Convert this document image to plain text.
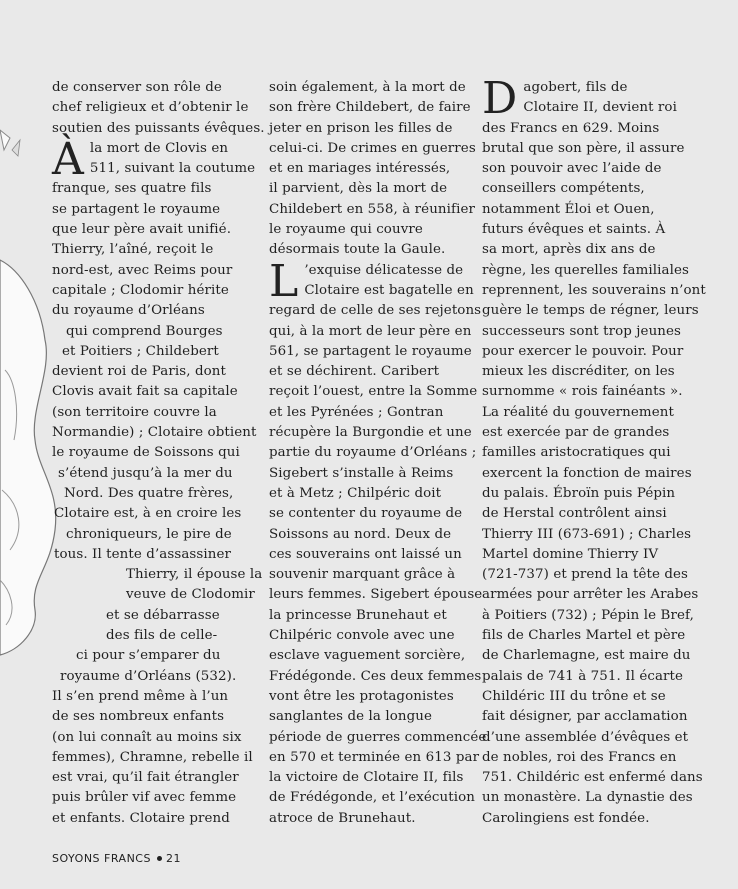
de conserver son rôle de
chef religieux et d’obtenir le
soutien des puissants évêques.

À la mort de Clovis en
511, suivant la coutume
franque, ses quatre fils
se partagent le royaume
que leur père avait unifié.
Thierry, l’aîné, reçoit le
nord-est, avec Reims pour
capitale ; Clodomir hérite
du royaume d’Orléans
qui comprend Bourges
et Poitiers ; Childebert
devient roi de Paris, dont
Clovis avait fait sa capitale
(son territoire couvre la
Normandie) ; Clotaire obtient
le royaume de Soissons qui
s’étend jusqu’à la mer du
Nord. Des quatre frères,
Clotaire est, à en croire les
chroniqueurs, le pire de
tous. Il tente d’assassiner
Thierry, il épouse la
veuve de Clodomir
et se débarrasse
des fils de celle-
ci pour s’emparer du
royaume d’Orléans (532).
Il s’en prend même à l’un
de ses nombreux enfants
(on lui connaît au moins six
femmes), Chramne, rebelle il
est vrai, qu’il fait étrangler
puis brûler vif avec femme
et enfants. Clotaire prend

soin également, à la mort de
son frère Childebert, de faire
jeter en prison les filles de
celui-ci. De crimes en guerres
et en mariages intéressés,
il parvient, dès la mort de
Childebert en 558, à réunifier
le royaume qui couvre
désormais toute la Gaule.

L ’exquise délicatesse de
Clotaire est bagatelle en
regard de celle de ses rejetons
qui, à la mort de leur père en
561, se partagent le royaume
et se déchirent. Caribert
reçoit l’ouest, entre la Somme
et les Pyrénées ; Gontran
récupère la Burgondie et une
partie du royaume d’Orléans ;
Sigebert s’installe à Reims
et à Metz ; Chilpéric doit
se contenter du royaume de
Soissons au nord. Deux de
ces souverains ont laissé un
souvenir marquant grâce à
leurs femmes. Sigebert épouse
la princesse Brunehaut et
Chilpéric convole avec une
esclave vaguement sorcière,
Frédégonde. Ces deux femmes
vont être les protagonistes
sanglantes de la longue
période de guerres commencée
en 570 et terminée en 613 par
la victoire de Clotaire II, fils
de Frédégonde, et l’exécution
atroce de Brunehaut.

D agobert, fils de
Clotaire II, devient roi
des Francs en 629. Moins
brutal que son père, il assure
son pouvoir avec l’aide de
conseillers compétents,
notamment Éloi et Ouen,
futurs évêques et saints. À
sa mort, après dix ans de
règne, les querelles familiales
reprennent, les souverains n’ont
guère le temps de régner, leurs
successeurs sont trop jeunes
pour exercer le pouvoir. Pour
mieux les discréditer, on les
surnomme « rois fainéants ».
La réalité du gouvernement
est exercée par de grandes
familles aristocratiques qui
exercent la fonction de maires
du palais. Ébroïn puis Pépin
de Herstal contrôlent ainsi
Thierry III (673-691) ; Charles
Martel domine Thierry IV
(721-737) et prend la tête des
armées pour arrêter les Arabes
à Poitiers (732) ; Pépin le Bref,
fils de Charles Martel et père
de Charlemagne, est maire du
palais de 741 à 751. Il écarte
Childéric III du trône et se
fait désigner, par acclamation
d’une assemblée d’évêques et
de nobles, roi des Francs en
751. Childéric est enfermé dans
un monastère. La dynastie des
Carolingiens est fondée.

SOYONS FRANCS 21
